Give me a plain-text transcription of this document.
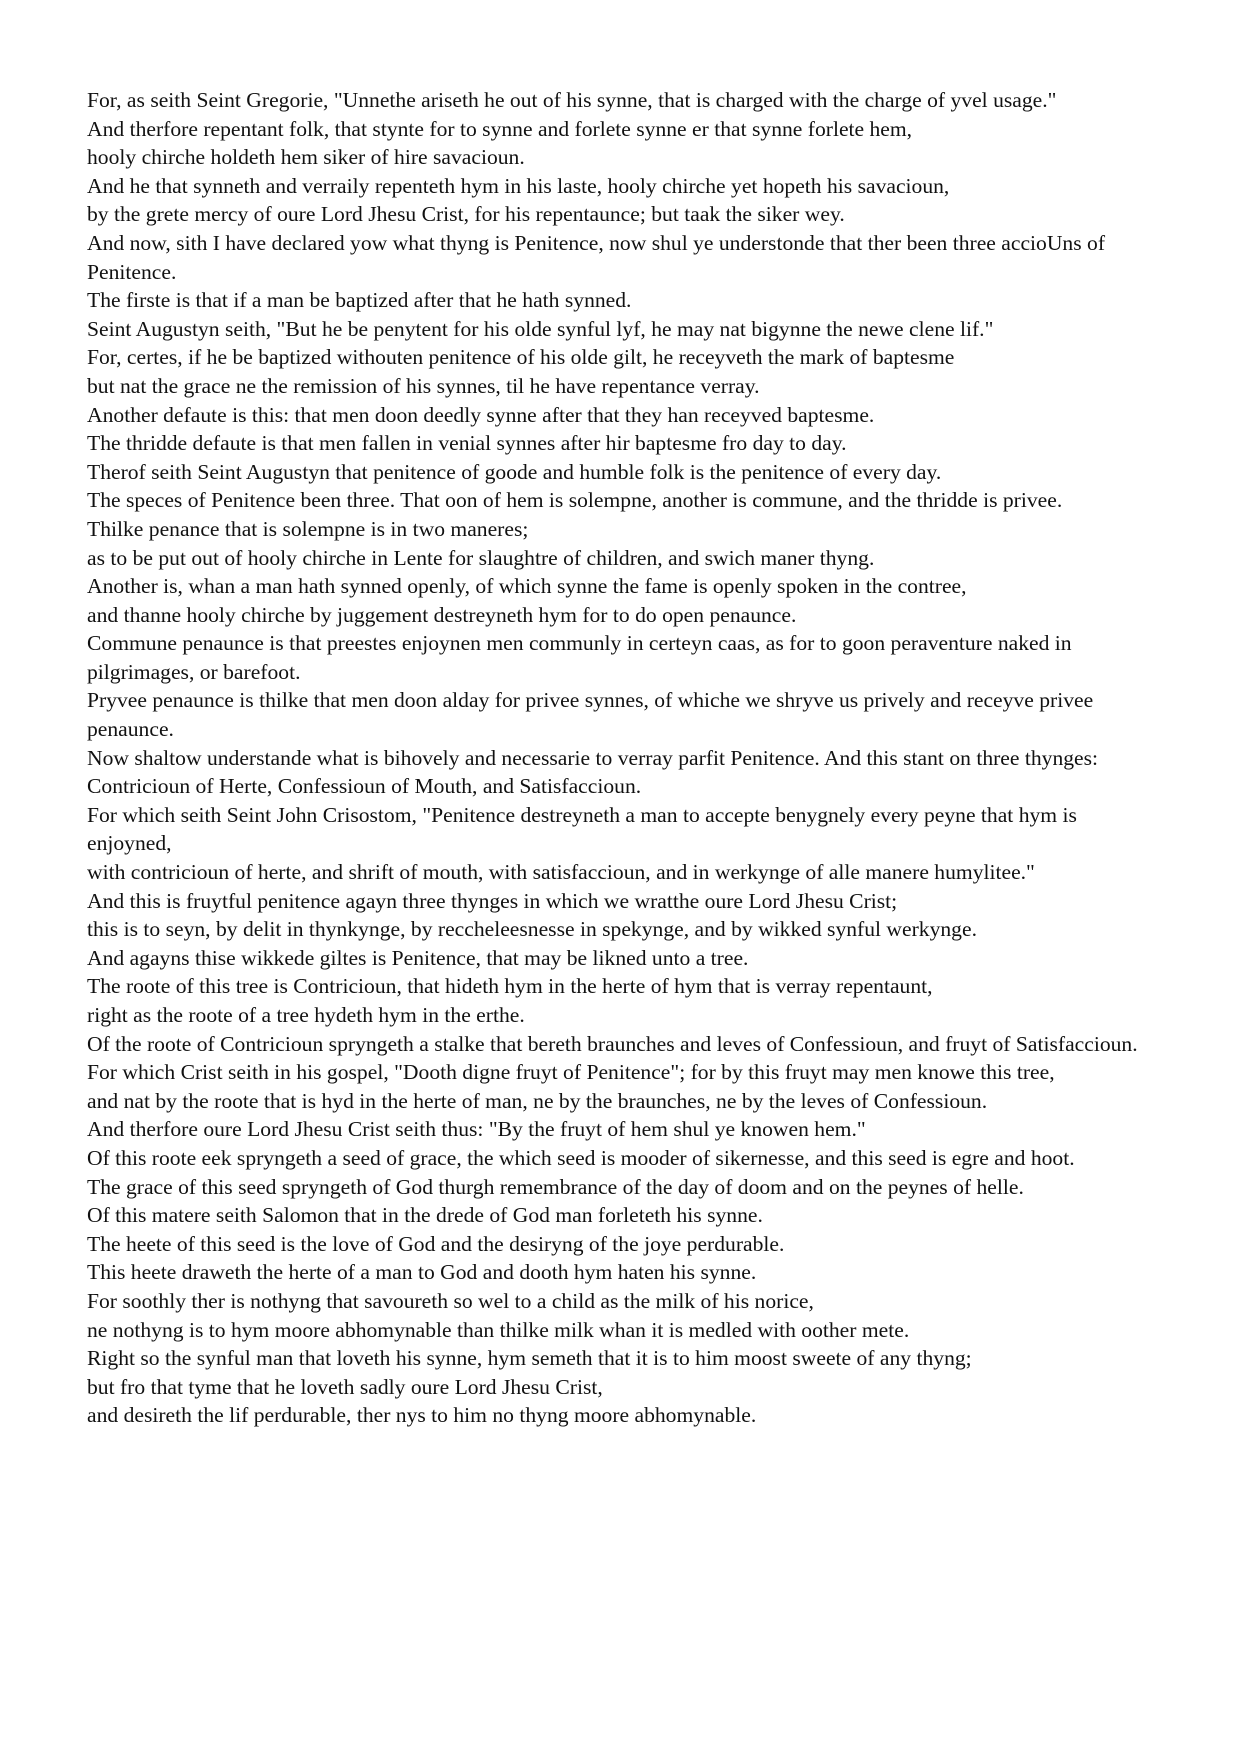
For, as seith Seint Gregorie, "Unnethe ariseth he out of his synne, that is charged with the charge of yvel usage."
And therfore repentant folk, that stynte for to synne and forlete synne er that synne forlete hem,
hooly chirche holdeth hem siker of hire savacioun.
And he that synneth and verraily repenteth hym in his laste, hooly chirche yet hopeth his savacioun,
by the grete mercy of oure Lord Jhesu Crist, for his repentaunce; but taak the siker wey.
And now, sith I have declared yow what thyng is Penitence, now shul ye understonde that ther been three accioUns of Penitence.
The firste is that if a man be baptized after that he hath synned.
Seint Augustyn seith, "But he be penytent for his olde synful lyf, he may nat bigynne the newe clene lif."
For, certes, if he be baptized withouten penitence of his olde gilt, he receyveth the mark of baptesme
but nat the grace ne the remission of his synnes, til he have repentance verray.
Another defaute is this: that men doon deedly synne after that they han receyved baptesme.
The thridde defaute is that men fallen in venial synnes after hir baptesme fro day to day.
Therof seith Seint Augustyn that penitence of goode and humble folk is the penitence of every day.
The speces of Penitence been three. That oon of hem is solempne, another is commune, and the thridde is privee.
Thilke penance that is solempne is in two maneres;
as to be put out of hooly chirche in Lente for slaughtre of children, and swich maner thyng.
Another is, whan a man hath synned openly, of which synne the fame is openly spoken in the contree,
and thanne hooly chirche by juggement destreyneth hym for to do open penaunce.
Commune penaunce is that preestes enjoynen men communly in certeyn caas, as for to goon peraventure naked in pilgrimages, or barefoot.
Pryvee penaunce is thilke that men doon alday for privee synnes, of whiche we shryve us prively and receyve privee penaunce.
Now shaltow understande what is bihovely and necessarie to verray parfit Penitence. And this stant on three thynges:
Contricioun of Herte, Confessioun of Mouth, and Satisfaccioun.
For which seith Seint John Crisostom, "Penitence destreyneth a man to accepte benygnely every peyne that hym is enjoyned,
with contricioun of herte, and shrift of mouth, with satisfaccioun, and in werkynge of alle manere humylitee."
And this is fruytful penitence agayn three thynges in which we wratthe oure Lord Jhesu Crist;
this is to seyn, by delit in thynkynge, by reccheleesnesse in spekynge, and by wikked synful werkynge.
And agayns thise wikkede giltes is Penitence, that may be likned unto a tree.
The roote of this tree is Contricioun, that hideth hym in the herte of hym that is verray repentaunt,
right as the roote of a tree hydeth hym in the erthe.
Of the roote of Contricioun spryngeth a stalke that bereth braunches and leves of Confessioun, and fruyt of Satisfaccioun.
For which Crist seith in his gospel, "Dooth digne fruyt of Penitence"; for by this fruyt may men knowe this tree,
and nat by the roote that is hyd in the herte of man, ne by the braunches, ne by the leves of Confessioun.
And therfore oure Lord Jhesu Crist seith thus: "By the fruyt of hem shul ye knowen hem."
Of this roote eek spryngeth a seed of grace, the which seed is mooder of sikernesse, and this seed is egre and hoot.
The grace of this seed spryngeth of God thurgh remembrance of the day of doom and on the peynes of helle.
Of this matere seith Salomon that in the drede of God man forleteth his synne.
The heete of this seed is the love of God and the desiryng of the joye perdurable.
This heete draweth the herte of a man to God and dooth hym haten his synne.
For soothly ther is nothyng that savoureth so wel to a child as the milk of his norice,
ne nothyng is to hym moore abhomynable than thilke milk whan it is medled with oother mete.
Right so the synful man that loveth his synne, hym semeth that it is to him moost sweete of any thyng;
but fro that tyme that he loveth sadly oure Lord Jhesu Crist,
and desireth the lif perdurable, ther nys to him no thyng moore abhomynable.
